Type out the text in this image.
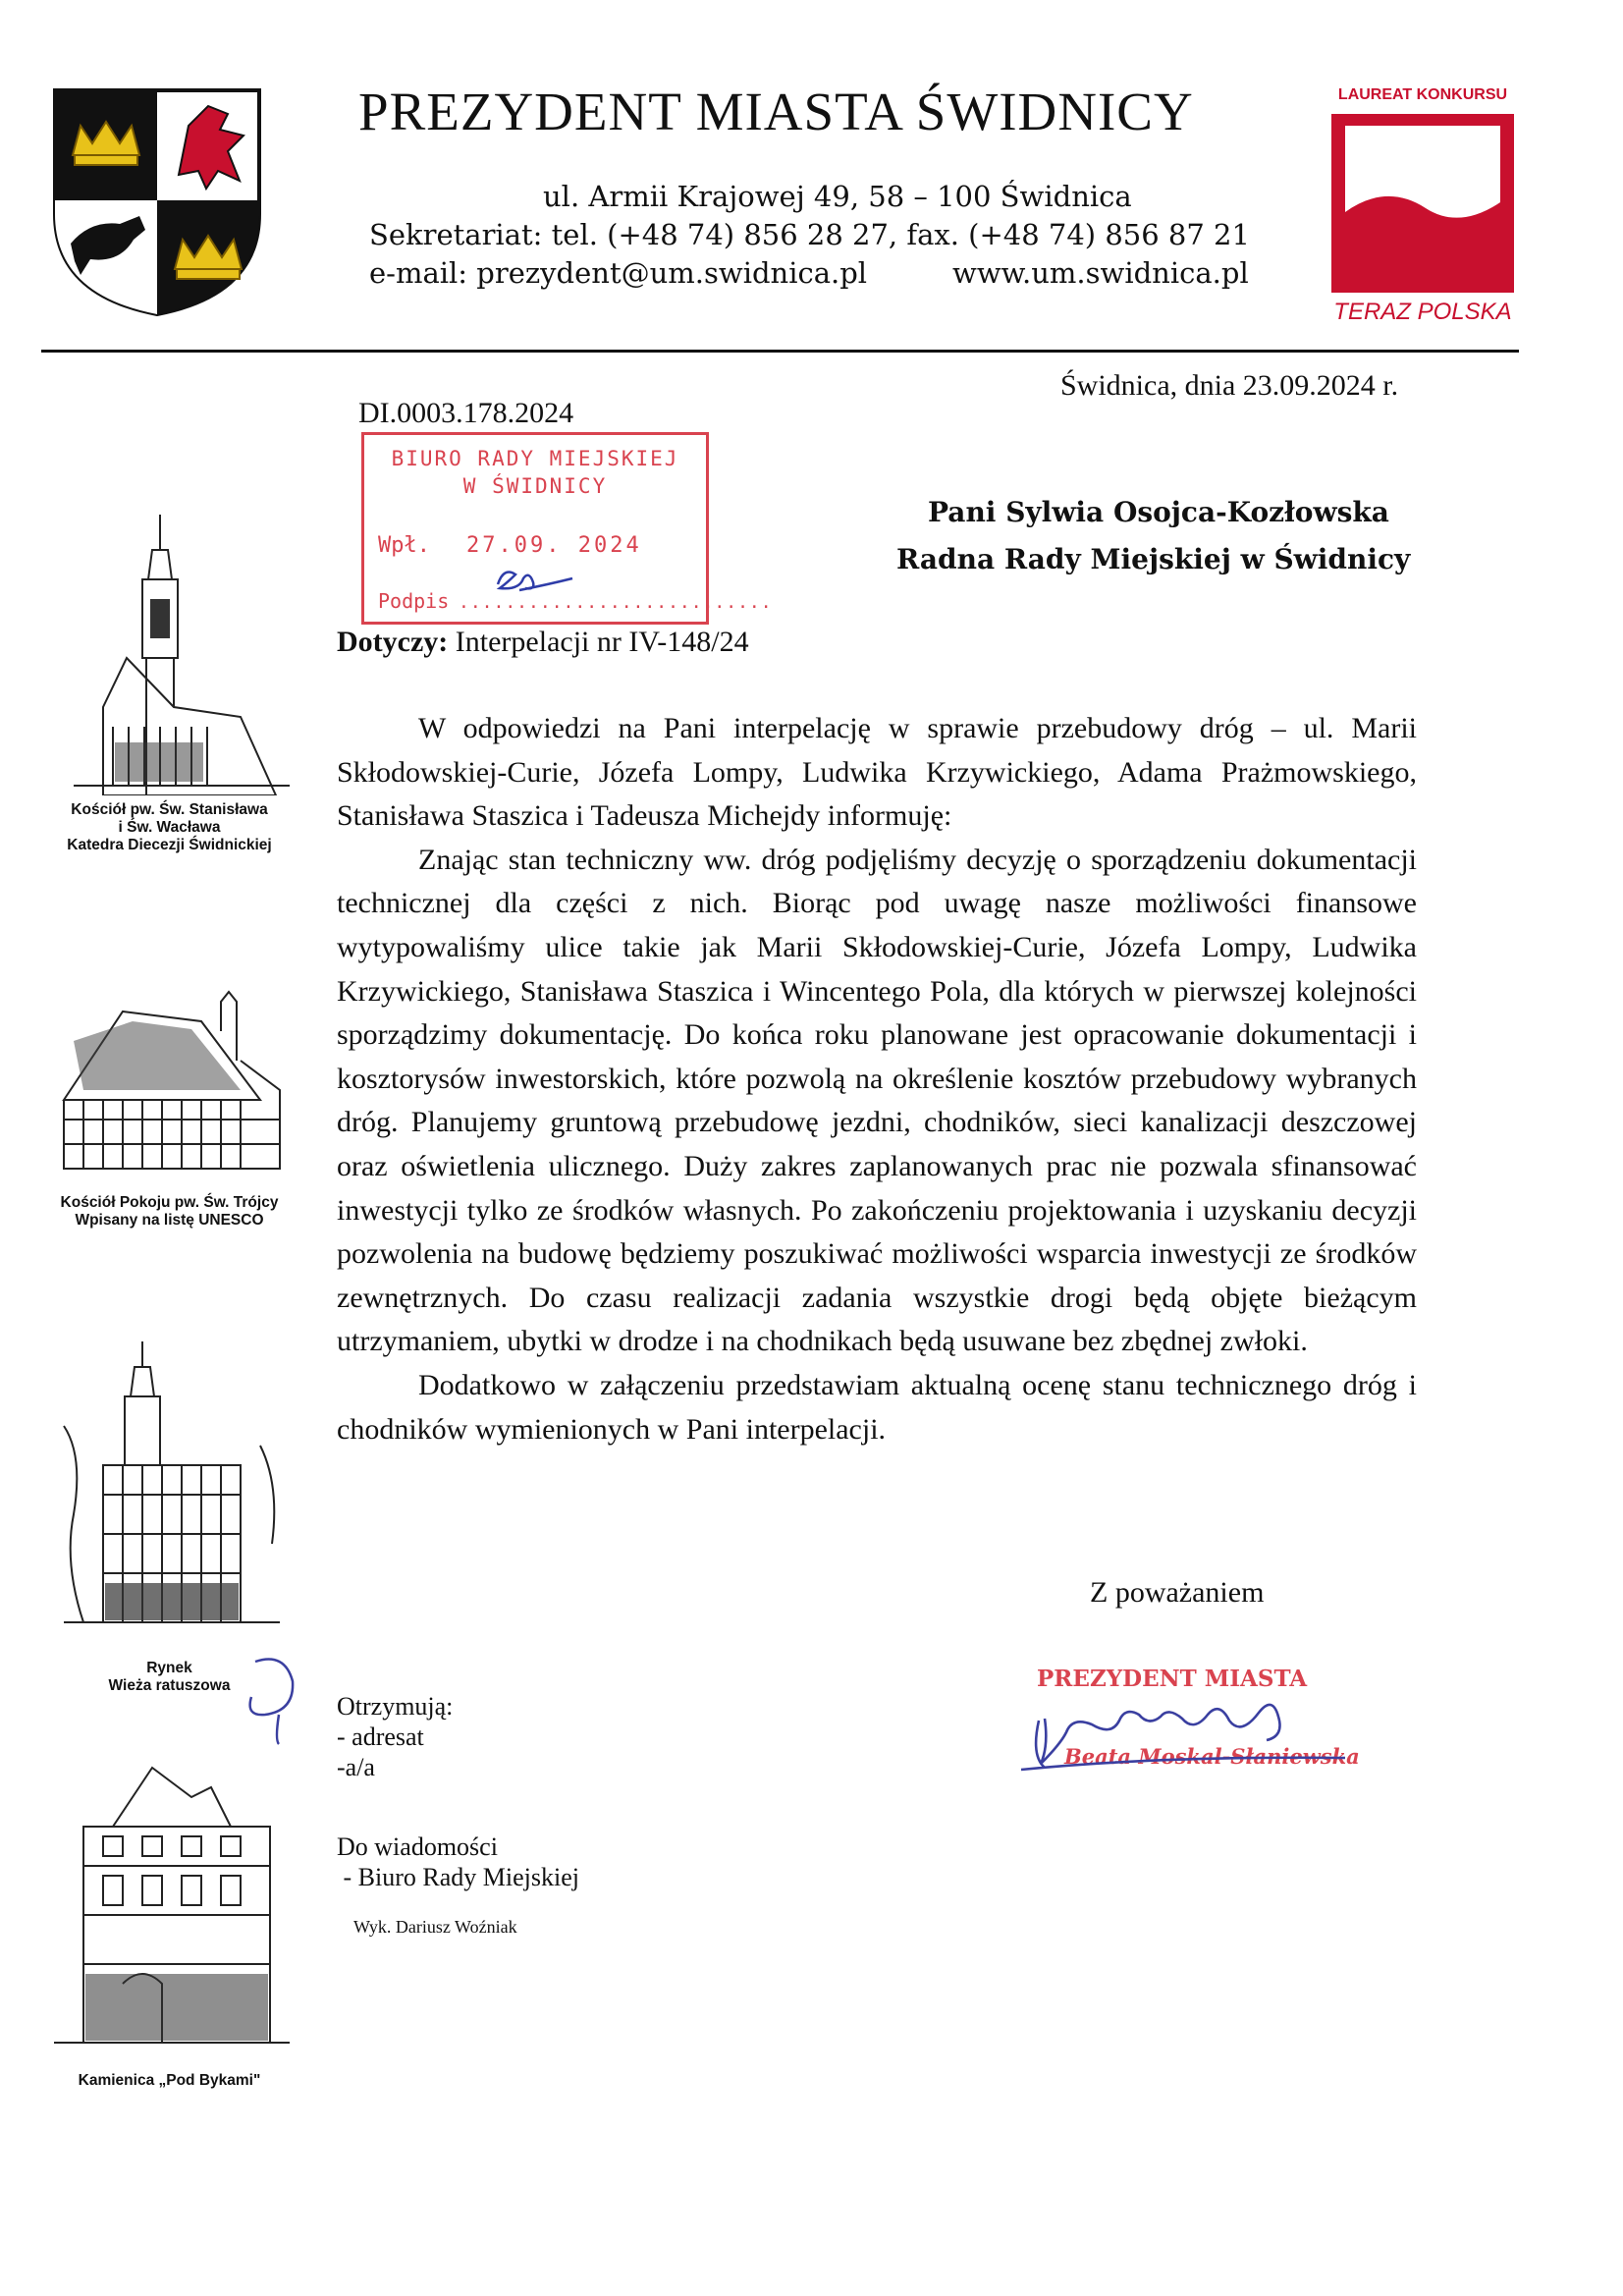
PREZYDENT MIASTA ŚWIDNICY
ul. Armii Krajowej 49, 58 – 100 Świdnica
Sekretariat: tel. (+48 74) 856 28 27, fax. (+48 74) 856 87 21
e-mail: prezydent@um.swidnica.pl	www.um.swidnica.pl
LAUREAT KONKURSU
TERAZ POLSKA
Świdnica, dnia 23.09.2024 r.
DI.0003.178.2024
BIURO RADY MIEJSKIEJ
W ŚWIDNICY
Wpł. 27.09. 2024
Podpis ...........................
Pani Sylwia Osojca-Kozłowska
Radna Rady Miejskiej w Świdnicy
Dotyczy: Interpelacji nr IV-148/24

W odpowiedzi na Pani interpelację w sprawie przebudowy dróg – ul. Marii Skłodowskiej-Curie, Józefa Lompy, Ludwika Krzywickiego, Adama Prażmowskiego, Stanisława Staszica i Tadeusza Michejdy informuję:

Znając stan techniczny ww. dróg podjęliśmy decyzję o sporządzeniu dokumentacji technicznej dla części z nich. Biorąc pod uwagę nasze możliwości finansowe wytypowaliśmy ulice takie jak Marii Skłodowskiej-Curie, Józefa Lompy, Ludwika Krzywickiego, Stanisława Staszica i Wincentego Pola, dla których w pierwszej kolejności sporządzimy dokumentację. Do końca roku planowane jest opracowanie dokumentacji i kosztorysów inwestorskich, które pozwolą na określenie kosztów przebudowy wybranych dróg. Planujemy gruntową przebudowę jezdni, chodników, sieci kanalizacji deszczowej oraz oświetlenia ulicznego. Duży zakres zaplanowanych prac nie pozwala sfinansować inwestycji tylko ze środków własnych. Po zakończeniu projektowania i uzyskaniu decyzji pozwolenia na budowę będziemy poszukiwać możliwości wsparcia inwestycji ze środków zewnętrznych. Do czasu realizacji zadania wszystkie drogi będą objęte bieżącym utrzymaniem, ubytki w drodze i na chodnikach będą usuwane bez zbędnej zwłoki.

Dodatkowo w załączeniu przedstawiam aktualną ocenę stanu technicznego dróg i chodników wymienionych w Pani interpelacji.

Z poważaniem
PREZYDENT MIASTA
Beata Moskal-Słaniewska
Otrzymują:
- adresat
-a/a
Do wiadomości
- Biuro Rady Miejskiej
Wyk. Dariusz Woźniak
Kościół pw. Św. Stanisława
i Św. Wacława
Katedra Diecezji Świdnickiej
Kościół Pokoju pw. Św. Trójcy
Wpisany na listę UNESCO
Rynek
Wieża ratuszowa
Kamienica „Pod Bykami"
